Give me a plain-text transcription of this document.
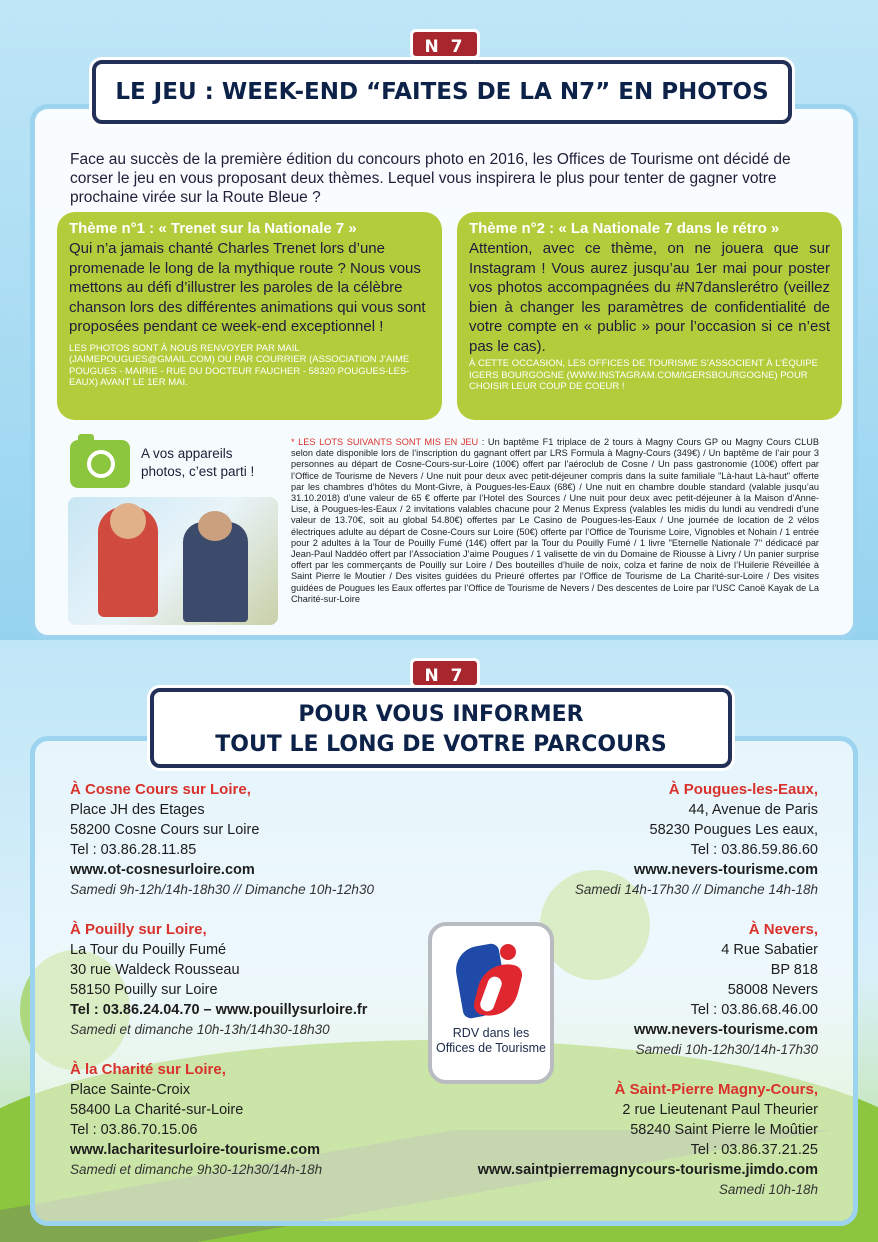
N 7
LE JEU : WEEK-END “FAITES DE LA N7” EN PHOTOS
Face au succès de la première édition du concours photo en 2016, les Offices de Tourisme ont décidé de corser le jeu en vous proposant deux thèmes. Lequel vous inspirera le plus pour tenter de gagner votre prochaine virée sur la Route Bleue ?
Thème n°1 : « Trenet sur la Nationale 7 »
Qui n’a jamais chanté Charles Trenet lors d’une promenade le long de la mythique route ? Nous vous mettons au défi d’illustrer les paroles de la célèbre chanson lors des différentes animations qui vous sont proposées pendant ce week-end exceptionnel !
LES PHOTOS SONT À NOUS RENVOYER PAR MAIL (JAIMEPOUGUES@GMAIL.COM) OU PAR COURRIER (ASSOCIATION J’AIME POUGUES - MAIRIE - RUE DU DOCTEUR FAUCHER - 58320 POUGUES-LES-EAUX) AVANT LE 1ER MAI.
Thème n°2 : « La Nationale 7 dans le rétro »
Attention, avec ce thème, on ne jouera que sur Instagram ! Vous aurez jusqu’au 1er mai pour poster vos photos accompagnées du #N7danslerétro (veillez bien à changer les paramètres de confidentialité de votre compte en « public » pour l’occasion si ce n’est pas le cas).
À CETTE OCCASION, LES OFFICES DE TOURISME S’ASSOCIENT À L’ÉQUIPE IGERS BOURGOGNE (WWW.INSTAGRAM.COM/IGERSBOURGOGNE) POUR CHOISIR LEUR COUP DE COEUR !
A vos appareils photos, c’est parti !
* LES LOTS SUIVANTS SONT MIS EN JEU : Un baptême F1 triplace de 2 tours à Magny Cours GP ou Magny Cours CLUB selon date disponible lors de l’inscription du gagnant offert par LRS Formula à Magny-Cours (349€) / Un baptême de l’air pour 3 personnes au départ de Cosne-Cours-sur-Loire (100€) offert par l’aéroclub de Cosne / Un pass gastronomie (100€) offert par l’Office de Tourisme de Nevers / Une nuit pour deux avec petit-déjeuner compris dans la suite familiale "Là-haut Là-haut" offerte par les chambres d’hôtes du Mont-Givre, à Pougues-les-Eaux (68€) / Une nuit en chambre double standard (valable jusqu’au 31.10.2018) d’une valeur de 65 € offerte par l’Hotel des Sources / Une nuit pour deux avec petit-déjeuner à la Maison d’Anne-Lise, à Pougues-les-Eaux / 2 invitations valables chacune pour 2 Menus Express (valables les midis du lundi au vendredi d’une valeur de 13.70€, soit au global 54.80€) offertes par Le Casino de Pougues-les-Eaux / Une journée de location de 2 vélos électriques adulte au départ de Cosne-Cours sur Loire (50€) offerte par l’Office de Tourisme Loire, Vignobles et Nohain / 1 entrée pour 2 adultes à la Tour de Pouilly Fumé (14€) offert par la Tour du Pouilly Fumé / 1 livre "Eternelle Nationale 7" dédicacé par Jean-Paul Naddéo offert par l’Association J’aime Pougues / 1 valisette de vin du Domaine de Riousse à Livry / Un panier surprise offert par les commerçants de Pouilly sur Loire / Des bouteilles d’huile de noix, colza et farine de noix de l’Huilerie Réveillée à Saint Pierre le Moutier / Des visites guidées du Prieuré offertes par l’Office de Tourisme de La Charité-sur-Loire / Des visites guidées de Pougues les Eaux offertes par l’Office de Tourisme de Nevers / Des descentes de Loire par l’USC Canoë Kayak de La Charité-sur-Loire
N 7
POUR VOUS INFORMER
TOUT LE LONG DE VOTRE PARCOURS
À Cosne Cours sur Loire,
Place JH des Etages
58200 Cosne Cours sur Loire
Tel : 03.86.28.11.85
www.ot-cosnesurloire.com
Samedi 9h-12h/14h-18h30 // Dimanche 10h-12h30
À Pouilly sur Loire,
La Tour du Pouilly Fumé
30 rue Waldeck Rousseau
58150 Pouilly sur Loire
Tel : 03.86.24.04.70 – www.pouillysurloire.fr
Samedi et dimanche 10h-13h/14h30-18h30
À la Charité sur Loire,
Place Sainte-Croix
58400 La Charité-sur-Loire
Tel : 03.86.70.15.06
www.lacharitesurloire-tourisme.com
Samedi et dimanche 9h30-12h30/14h-18h
RDV dans les Offices de Tourisme
À Pougues-les-Eaux,
44, Avenue de Paris
58230 Pougues Les eaux,
Tel : 03.86.59.86.60
www.nevers-tourisme.com
Samedi 14h-17h30 // Dimanche 14h-18h
À Nevers,
4 Rue Sabatier
BP 818
58008 Nevers
Tel : 03.86.68.46.00
www.nevers-tourisme.com
Samedi 10h-12h30/14h-17h30
À Saint-Pierre Magny-Cours,
2 rue Lieutenant Paul Theurier
58240 Saint Pierre le Moûtier
Tel : 03.86.37.21.25
www.saintpierremagnycours-tourisme.jimdo.com
Samedi 10h-18h
